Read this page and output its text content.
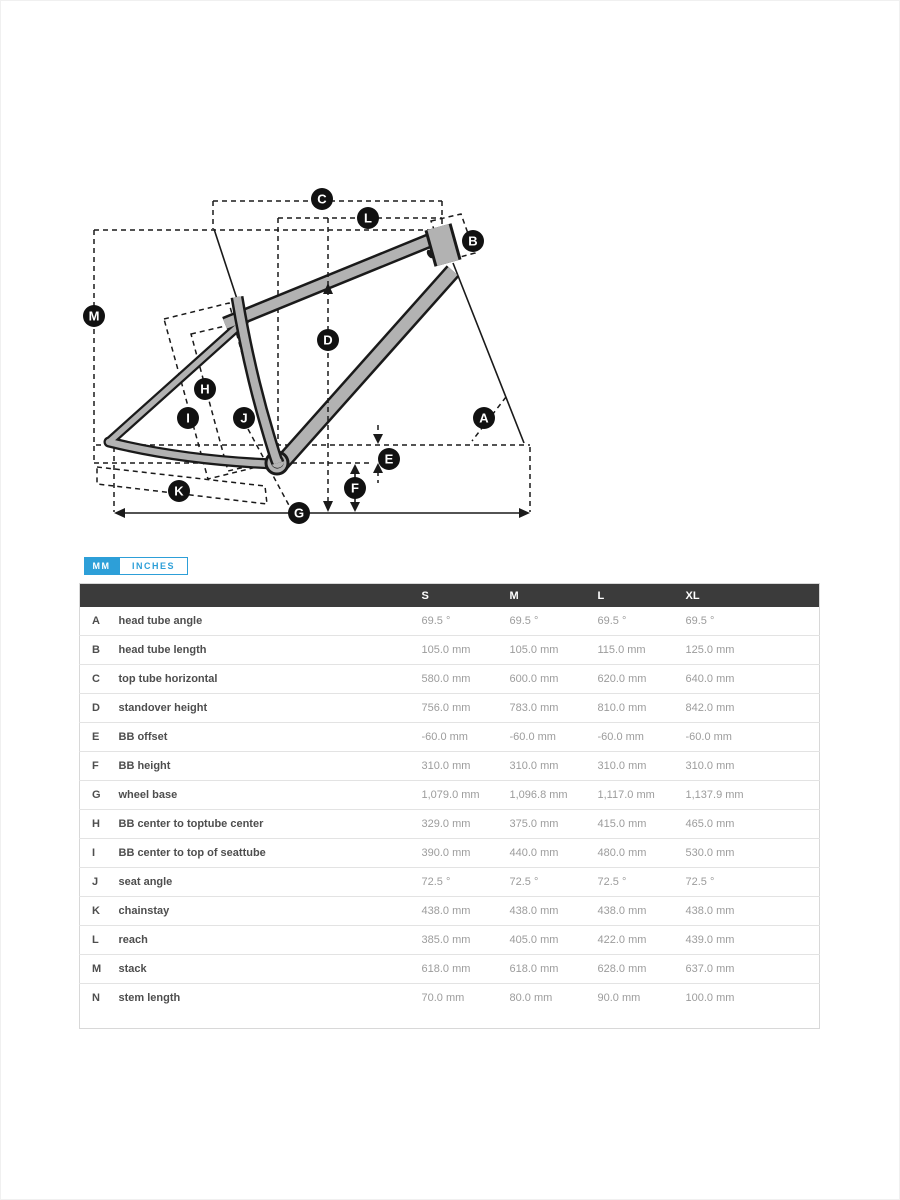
A
B
C
D
E
F
G
H
I	J
K
L
M
MM	INCHES
		S	M	L	XL	
A	head tube angle	69.5 °	69.5 °	69.5 °	69.5 °	
B	head tube length	105.0 mm	105.0 mm	115.0 mm	125.0 mm	
C	top tube horizontal	580.0 mm	600.0 mm	620.0 mm	640.0 mm	
D	standover height	756.0 mm	783.0 mm	810.0 mm	842.0 mm	
E	BB offset	-60.0 mm	-60.0 mm	-60.0 mm	-60.0 mm	
F	BB height	310.0 mm	310.0 mm	310.0 mm	310.0 mm	
G	wheel base	1,079.0 mm	1,096.8 mm	1,117.0 mm	1,137.9 mm	
H	BB center to toptube center	329.0 mm	375.0 mm	415.0 mm	465.0 mm	
I	BB center to top of seattube	390.0 mm	440.0 mm	480.0 mm	530.0 mm	
J	seat angle	72.5 °	72.5 °	72.5 °	72.5 °	
K	chainstay	438.0 mm	438.0 mm	438.0 mm	438.0 mm	
L	reach	385.0 mm	405.0 mm	422.0 mm	439.0 mm	
M	stack	618.0 mm	618.0 mm	628.0 mm	637.0 mm	
N	stem length	70.0 mm	80.0 mm	90.0 mm	100.0 mm	
